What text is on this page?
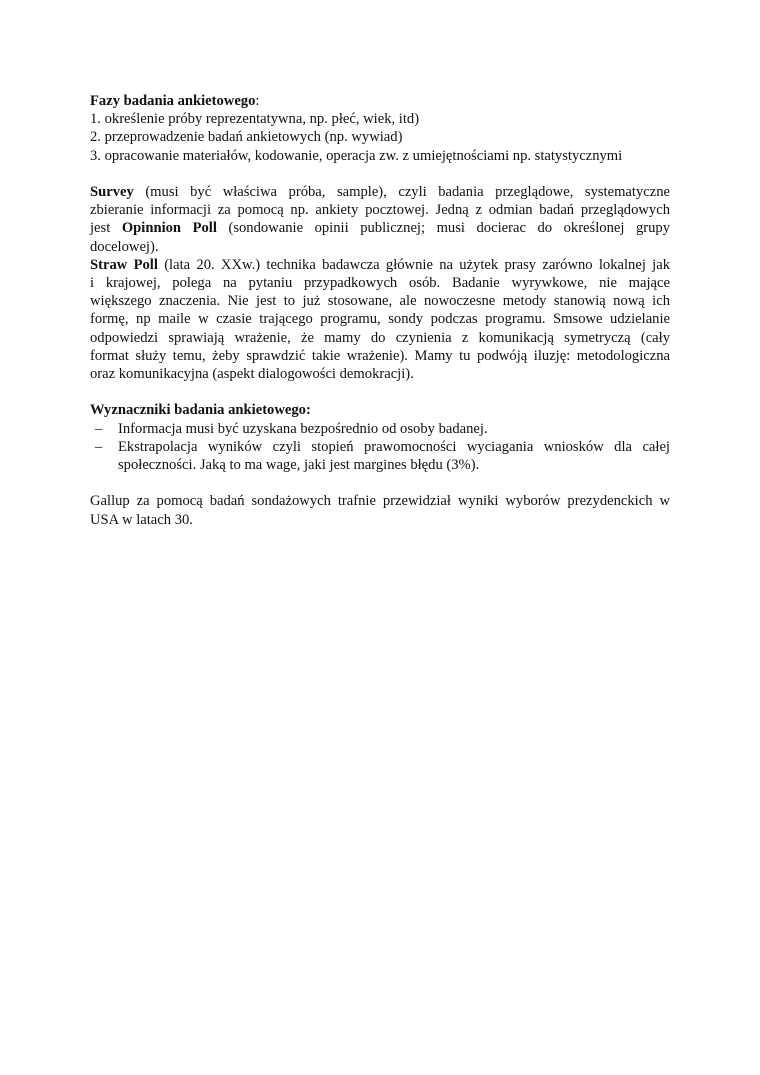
Fazy badania ankietowego:
1. określenie próby reprezentatywna, np. płeć, wiek, itd)
2. przeprowadzenie badań ankietowych (np. wywiad)
3. opracowanie materiałów, kodowanie, operacja zw. z umiejętnościami np. statystycznymi
Survey (musi być właściwa próba, sample), czyli badania przeglądowe, systematyczne
zbieranie informacji za pomocą np. ankiety pocztowej. Jedną z odmian badań przeglądowych
jest Opinnion Poll (sondowanie opinii publicznej; musi docierac do określonej grupy
docelowej).
Straw Poll (lata 20. XXw.) technika badawcza głównie na użytek prasy zarówno lokalnej jak
i krajowej, polega na pytaniu przypadkowych osób. Badanie wyrywkowe, nie mające
większego znaczenia. Nie jest to już stosowane, ale nowoczesne metody stanowią nową ich
formę, np maile w czasie trającego programu, sondy podczas programu. Smsowe udzielanie
odpowiedzi sprawiają wrażenie, że mamy do czynienia z komunikacją symetryczą (cały
format służy temu, żeby sprawdzić takie wrażenie). Mamy tu podwóją iluzję: metodologiczna
oraz komunikacyjna (aspekt dialogowości demokracji).
Wyznaczniki badania ankietowego:
– Informacja musi być uzyskana bezpośrednio od osoby badanej.
– Ekstrapolacja wyników czyli stopień prawomocności wyciagania wniosków dla całej
społeczności. Jaką to ma wage, jaki jest margines błędu (3%).
Gallup za pomocą badań sondażowych trafnie przewidział wyniki wyborów prezydenckich w
USA w latach 30.
